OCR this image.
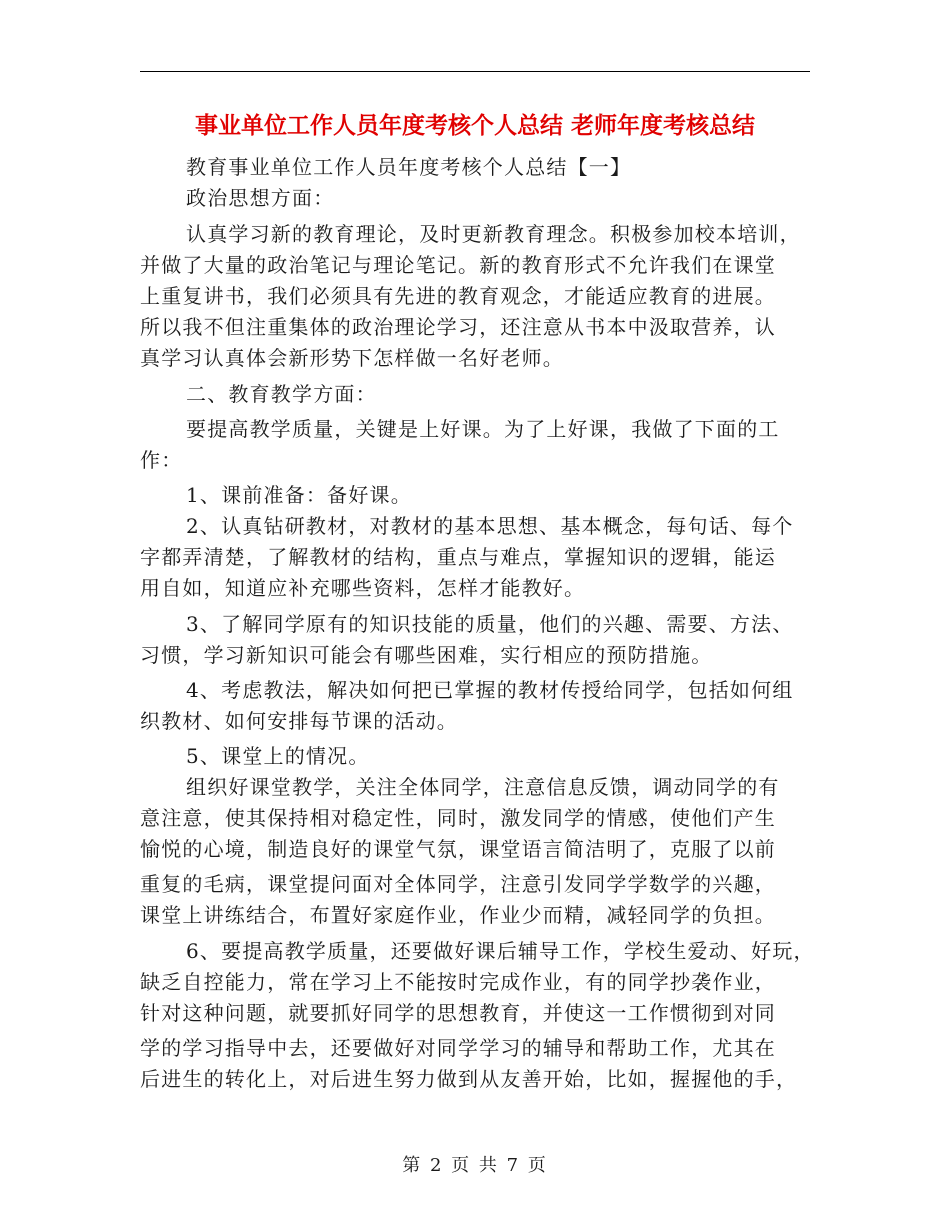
事业单位工作人员年度考核个人总结 老师年度考核总结
教育事业单位工作人员年度考核个人总结【一】
政治思想方面：
认真学习新的教育理论，及时更新教育理念。积极参加校本培训，
并做了大量的政治笔记与理论笔记。新的教育形式不允许我们在课堂
上重复讲书，我们必须具有先进的教育观念，才能适应教育的进展。
所以我不但注重集体的政治理论学习，还注意从书本中汲取营养，认
真学习认真体会新形势下怎样做一名好老师。
二、教育教学方面：
要提高教学质量，关键是上好课。为了上好课，我做了下面的工
作：
1、课前准备：备好课。
2、认真钻研教材，对教材的基本思想、基本概念，每句话、每个
字都弄清楚，了解教材的结构，重点与难点，掌握知识的逻辑，能运
用自如，知道应补充哪些资料，怎样才能教好。
3、了解同学原有的知识技能的质量，他们的兴趣、需要、方法、
习惯，学习新知识可能会有哪些困难，实行相应的预防措施。
4、考虑教法，解决如何把已掌握的教材传授给同学，包括如何组
织教材、如何安排每节课的活动。
5、课堂上的情况。
组织好课堂教学，关注全体同学，注意信息反馈，调动同学的有
意注意，使其保持相对稳定性，同时，激发同学的情感，使他们产生
愉悦的心境，制造良好的课堂气氛，课堂语言简洁明了，克服了以前
重复的毛病，课堂提问面对全体同学，注意引发同学学数学的兴趣，
课堂上讲练结合，布置好家庭作业，作业少而精，减轻同学的负担。
6、要提高教学质量，还要做好课后辅导工作，学校生爱动、好玩，
缺乏自控能力，常在学习上不能按时完成作业，有的同学抄袭作业，
针对这种问题，就要抓好同学的思想教育，并使这一工作惯彻到对同
学的学习指导中去，还要做好对同学学习的辅导和帮助工作，尤其在
后进生的转化上，对后进生努力做到从友善开始，比如，握握他的手，
第 2 页 共 7 页
